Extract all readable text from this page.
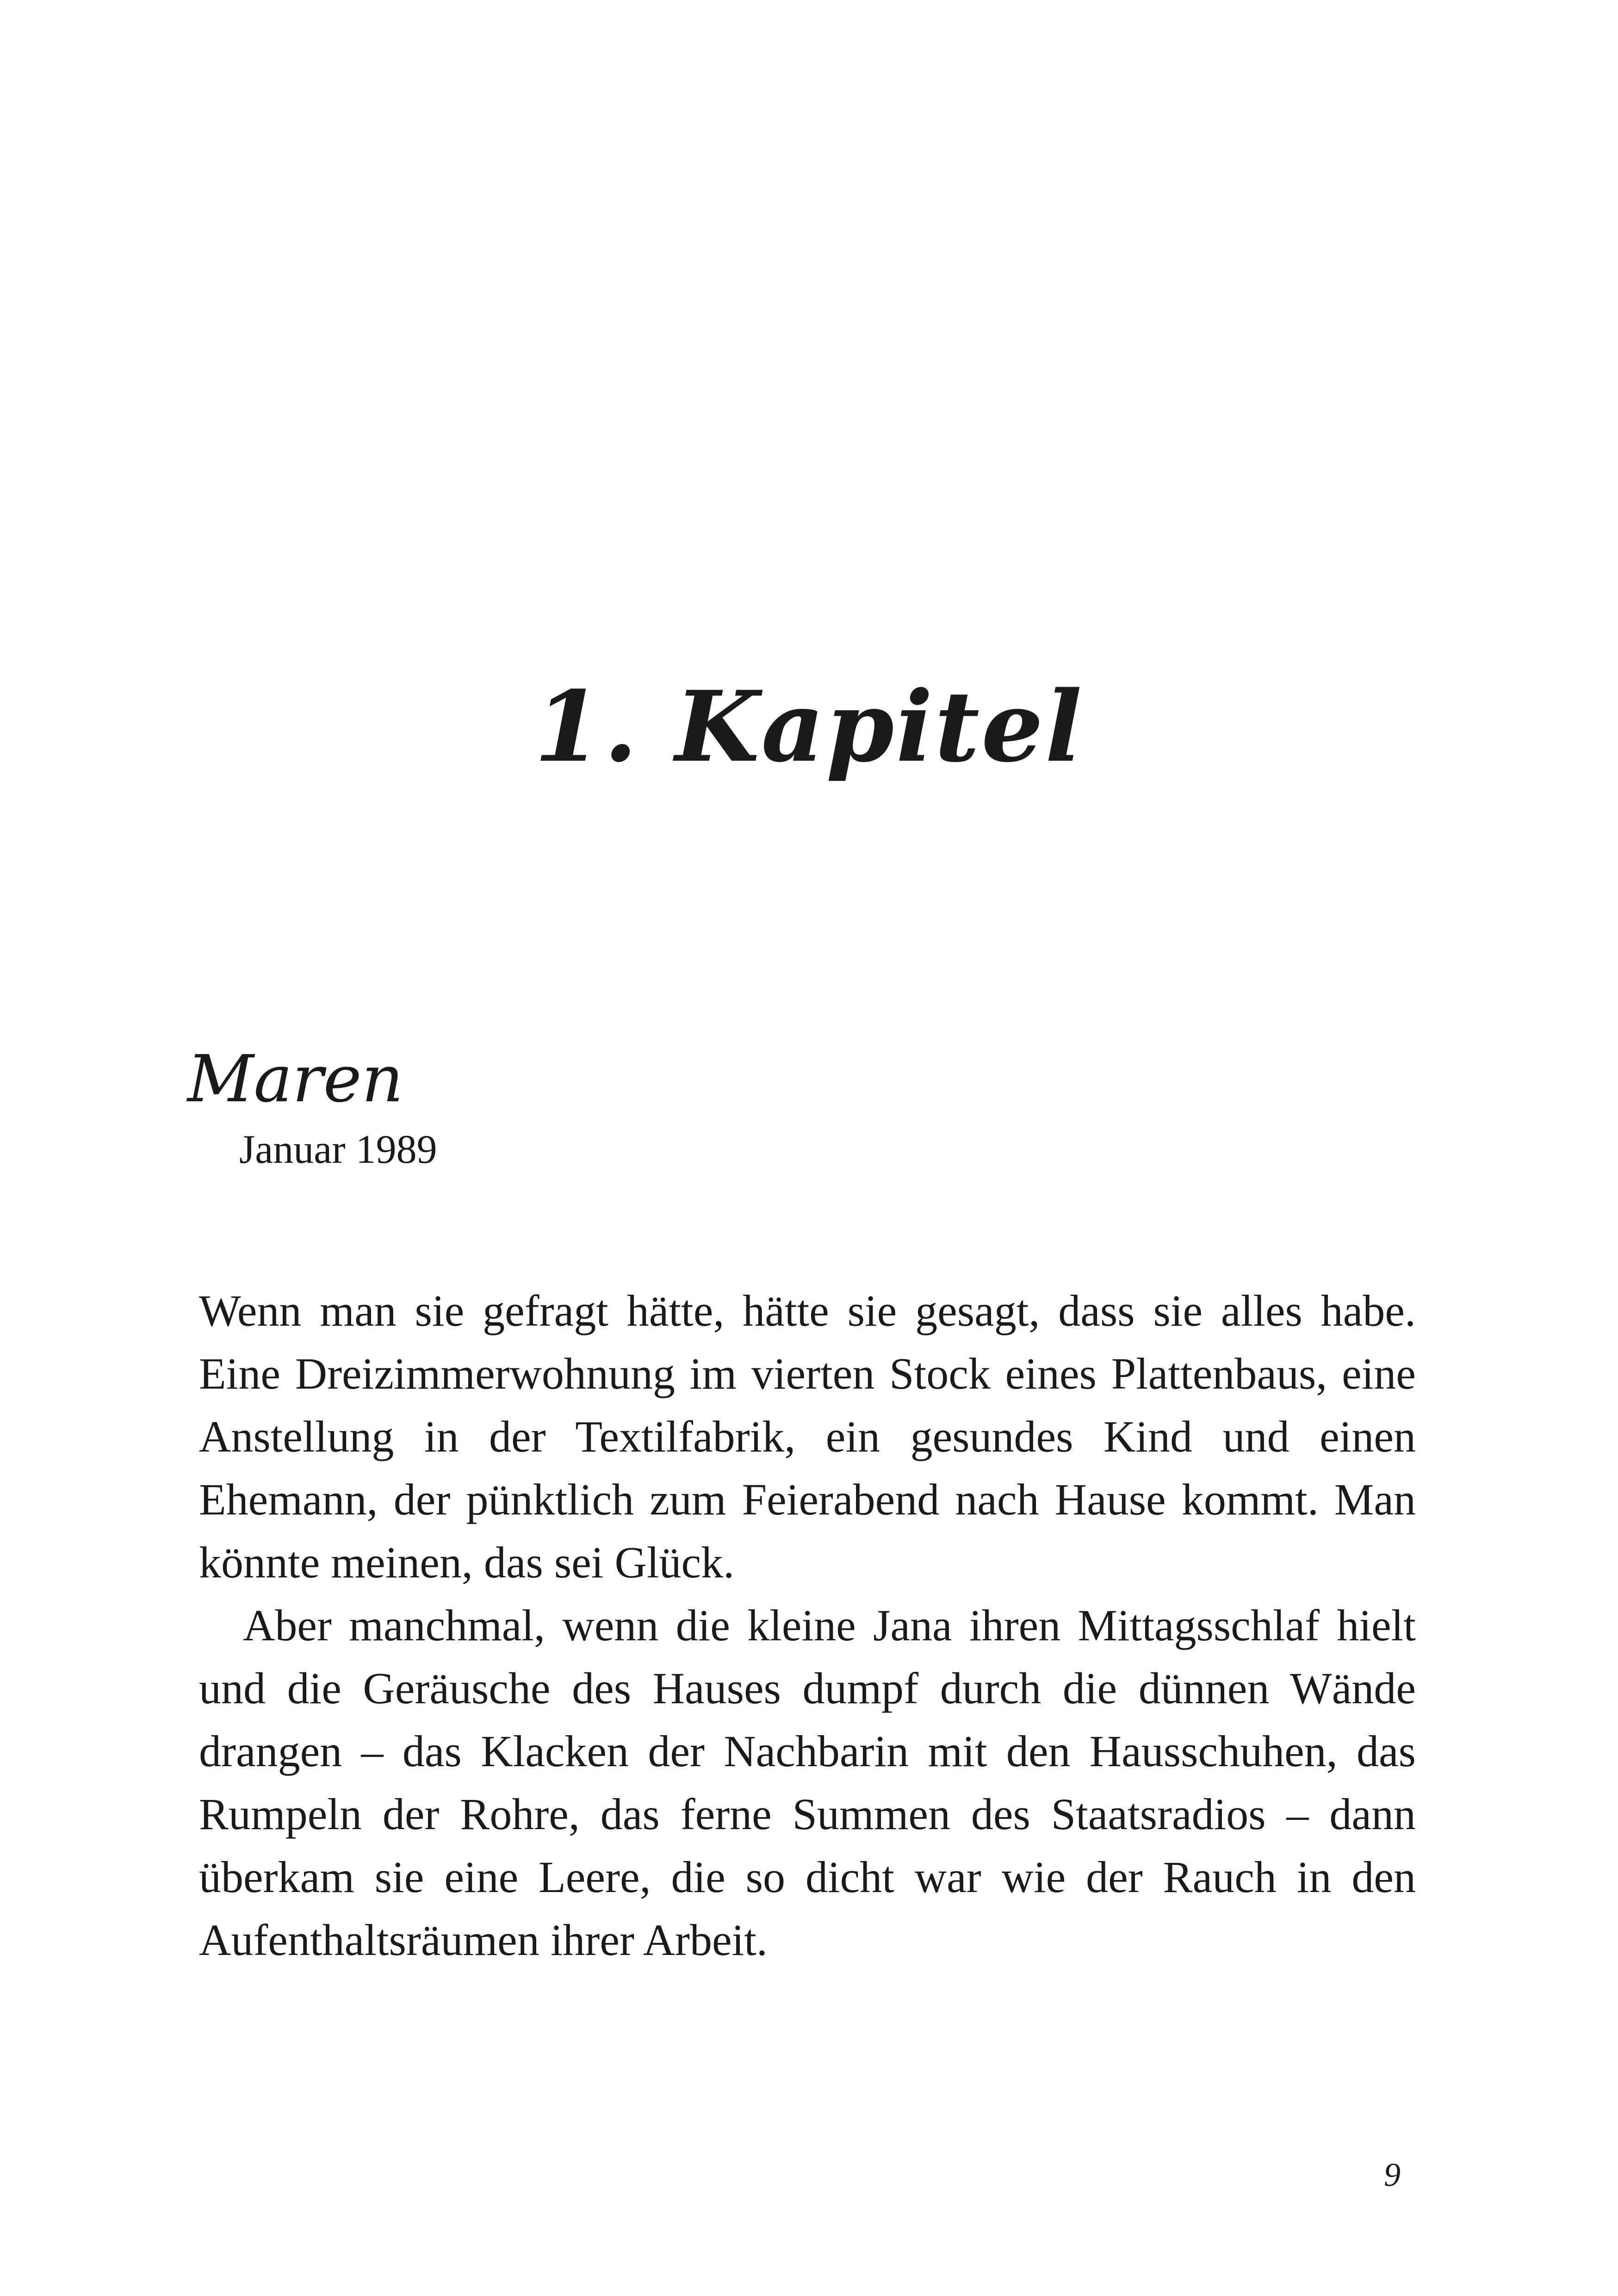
1. Kapitel
Maren
Januar 1989

Wenn man sie gefragt hätte, hätte sie gesagt, dass sie alles habe. Eine Dreizimmerwohnung im vierten Stock eines Plattenbaus, eine Anstellung in der Textilfabrik, ein gesundes Kind und einen Ehemann, der pünktlich zum Feierabend nach Hause kommt. Man könnte meinen, das sei Glück.

Aber manchmal, wenn die kleine Jana ihren Mittagsschlaf hielt und die Geräusche des Hauses dumpf durch die dünnen Wände drangen – das Klacken der Nachbarin mit den Hausschuhen, das Rumpeln der Rohre, das ferne Summen des Staatsradios – dann überkam sie eine Leere, die so dicht war wie der Rauch in den Aufenthaltsräumen ihrer Arbeit.

9
